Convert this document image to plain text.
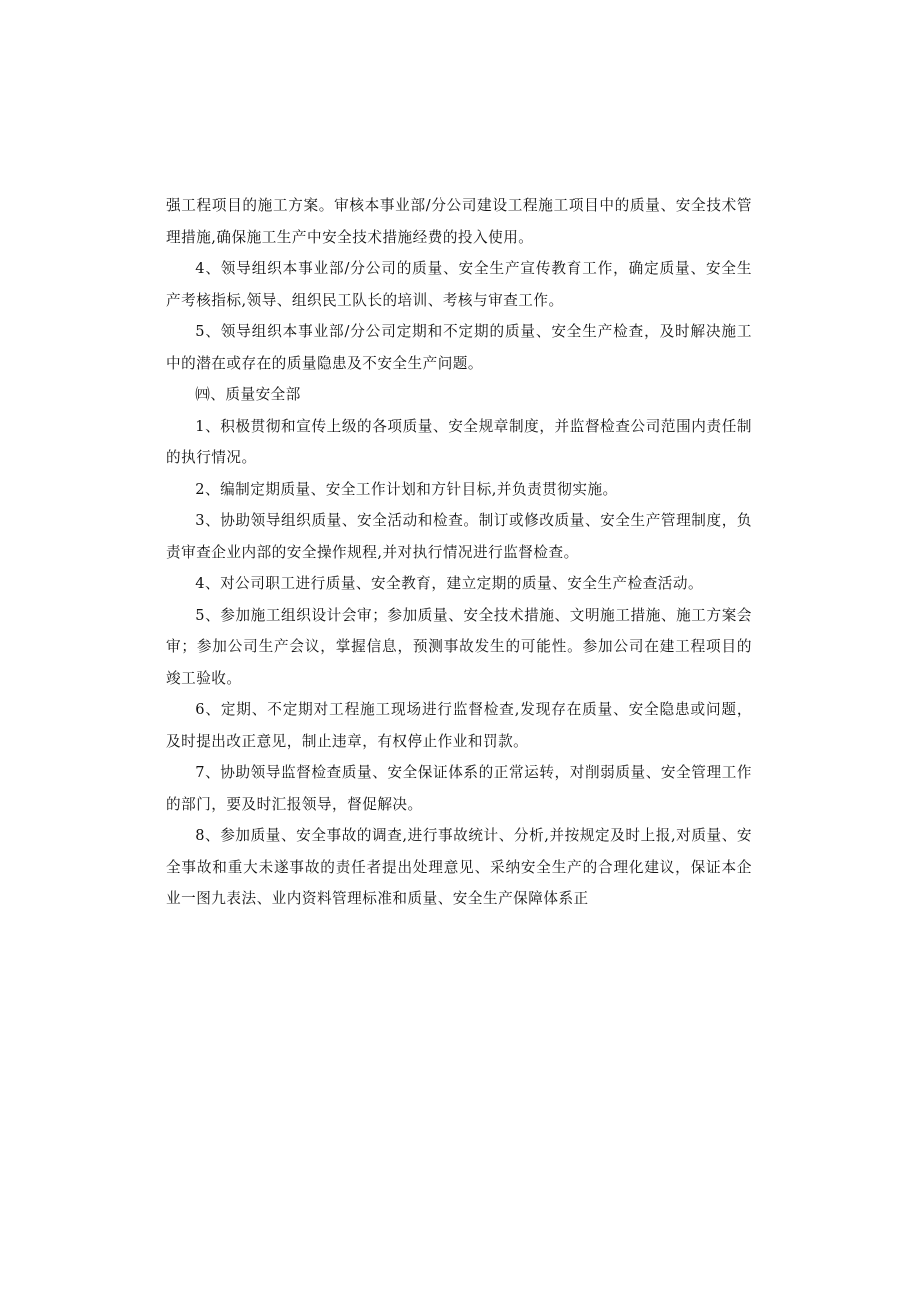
强工程项目的施工方案。审核本事业部/分公司建设工程施工项目中的质量、安全技术管理措施,确保施工生产中安全技术措施经费的投入使用。

4、领导组织本事业部/分公司的质量、安全生产宣传教育工作，确定质量、安全生产考核指标,领导、组织民工队长的培训、考核与审查工作。

5、领导组织本事业部/分公司定期和不定期的质量、安全生产检查，及时解决施工中的潜在或存在的质量隐患及不安全生产问题。

㈣、质量安全部

1、积极贯彻和宣传上级的各项质量、安全规章制度，并监督检查公司范围内责任制的执行情况。

2、编制定期质量、安全工作计划和方针目标,并负责贯彻实施。

3、协助领导组织质量、安全活动和检查。制订或修改质量、安全生产管理制度，负责审查企业内部的安全操作规程,并对执行情况进行监督检查。

4、对公司职工进行质量、安全教育，建立定期的质量、安全生产检查活动。

5、参加施工组织设计会审；参加质量、安全技术措施、文明施工措施、施工方案会审；参加公司生产会议，掌握信息，预测事故发生的可能性。参加公司在建工程项目的竣工验收。

6、定期、不定期对工程施工现场进行监督检查,发现存在质量、安全隐患或问题，及时提出改正意见，制止违章，有权停止作业和罚款。

7、协助领导监督检查质量、安全保证体系的正常运转，对削弱质量、安全管理工作的部门，要及时汇报领导，督促解决。

8、参加质量、安全事故的调查,进行事故统计、分析,并按规定及时上报,对质量、安全事故和重大未遂事故的责任者提出处理意见、采纳安全生产的合理化建议，保证本企业一图九表法、业内资料管理标准和质量、安全生产保障体系正
